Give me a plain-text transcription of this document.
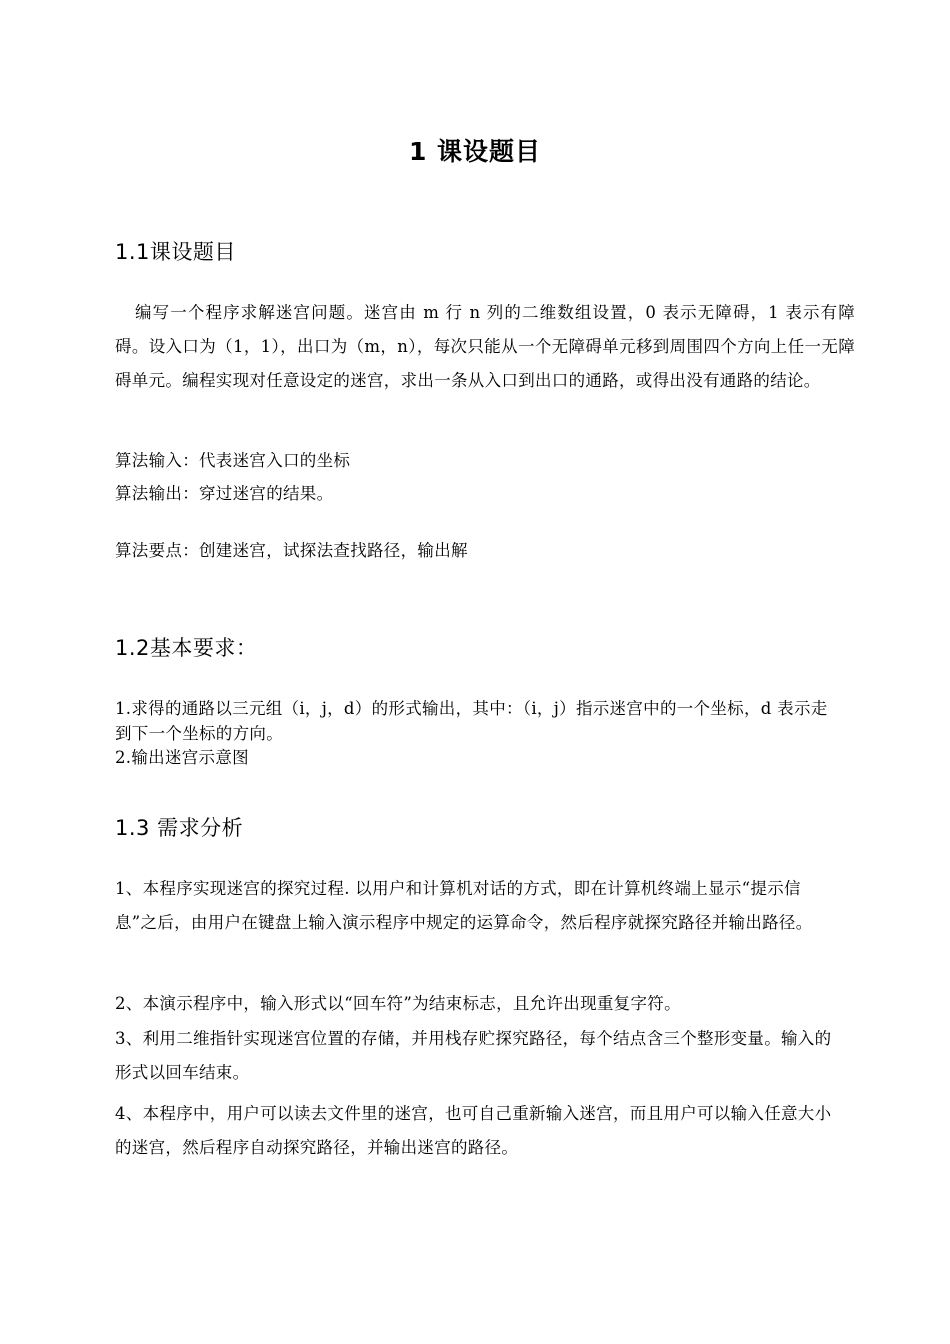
1 课设题目
1.1课设题目
编写一个程序求解迷宫问题。迷宫由 m 行 n 列的二维数组设置，0 表示无障碍，1 表示有障碍。设入口为（1，1），出口为（m，n），每次只能从一个无障碍单元移到周围四个方向上任一无障碍单元。编程实现对任意设定的迷宫，求出一条从入口到出口的通路，或得出没有通路的结论。
算法输入：代表迷宫入口的坐标
算法输出：穿过迷宫的结果。
算法要点：创建迷宫，试探法查找路径，输出解
1.2基本要求：
1.求得的通路以三元组（i，j，d）的形式输出，其中：（i，j）指示迷宫中的一个坐标，d 表示走到下一个坐标的方向。
2.输出迷宫示意图
1.3 需求分析
1、本程序实现迷宫的探究过程. 以用户和计算机对话的方式，即在计算机终端上显示“提示信息”之后，由用户在键盘上输入演示程序中规定的运算命令，然后程序就探究路径并输出路径。
2、本演示程序中，输入形式以“回车符”为结束标志，且允许出现重复字符。
3、利用二维指针实现迷宫位置的存储，并用栈存贮探究路径，每个结点含三个整形变量。输入的形式以回车结束。
4、本程序中，用户可以读去文件里的迷宫，也可自己重新输入迷宫，而且用户可以输入任意大小的迷宫，然后程序自动探究路径，并输出迷宫的路径。
